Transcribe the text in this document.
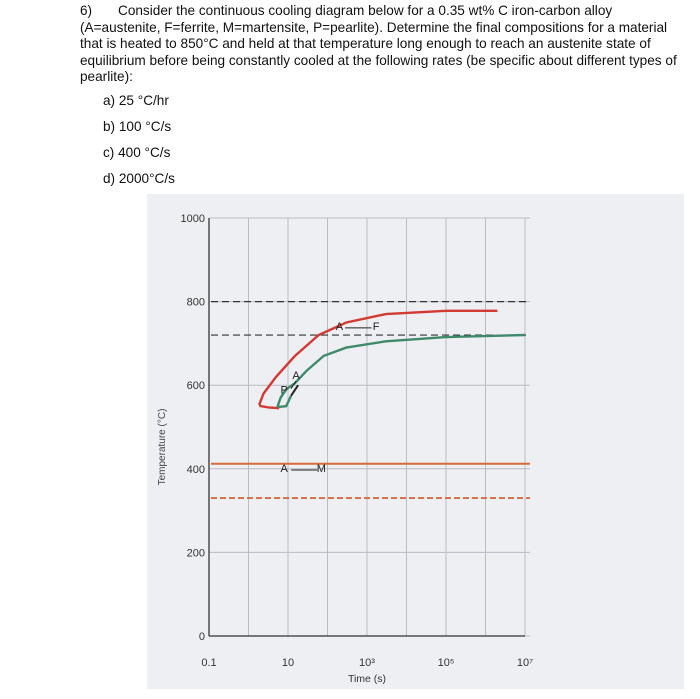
6)	Consider the continuous cooling diagram below for a 0.35 wt% C iron-carbon alloy (A=austenite, F=ferrite, M=martensite, P=pearlite). Determine the final compositions for a material that is heated to 850°C and held at that temperature long enough to reach an austenite state of equilibrium before being constantly cooled at the following rates (be specific about different types of pearlite):

a) 25 °C/hr
b) 100 °C/s
c) 400 °C/s
d) 2000°C/s
1000
800
600
400
200
0
0.1	10	10³	10⁵	10⁷
Temperature (°C)
Time (s)
A	F
A
P
A	M
